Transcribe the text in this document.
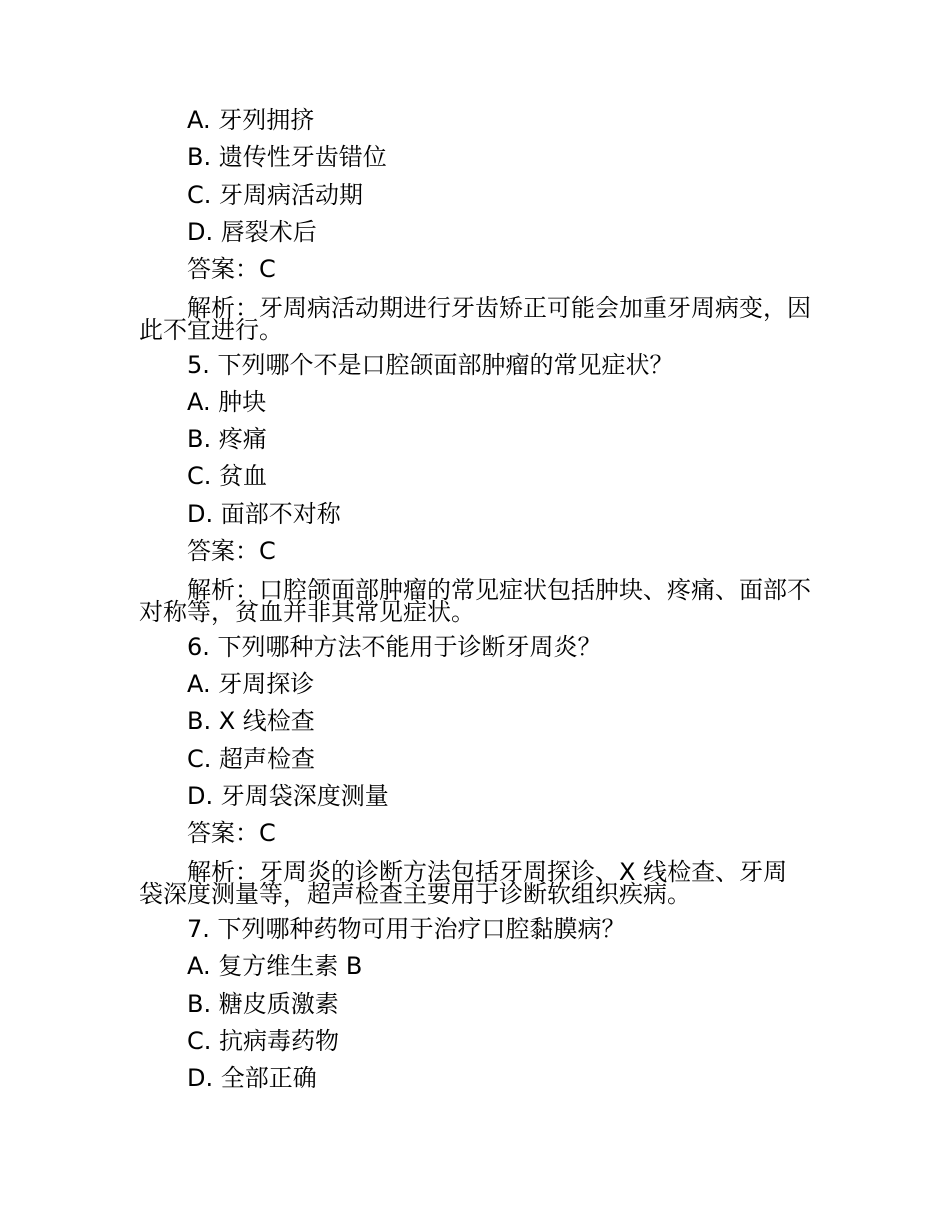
A. 牙列拥挤
B. 遗传性牙齿错位
C. 牙周病活动期
D. 唇裂术后
答案：C
解析：牙周病活动期进行牙齿矫正可能会加重牙周病变，因此不宜进行。
5. 下列哪个不是口腔颌面部肿瘤的常见症状？
A. 肿块
B. 疼痛
C. 贫血
D. 面部不对称
答案：C
解析：口腔颌面部肿瘤的常见症状包括肿块、疼痛、面部不对称等，贫血并非其常见症状。
6. 下列哪种方法不能用于诊断牙周炎？
A. 牙周探诊
B. X 线检查
C. 超声检查
D. 牙周袋深度测量
答案：C
解析：牙周炎的诊断方法包括牙周探诊、X 线检查、牙周袋深度测量等，超声检查主要用于诊断软组织疾病。
7. 下列哪种药物可用于治疗口腔黏膜病？
A. 复方维生素 B
B. 糖皮质激素
C. 抗病毒药物
D. 全部正确
